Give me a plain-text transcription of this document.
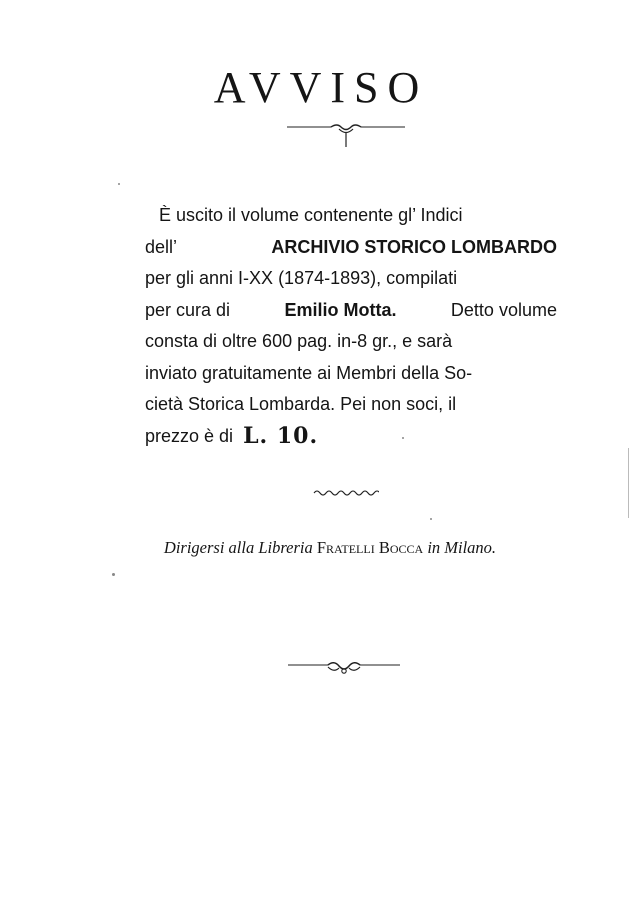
AVVISO
È uscito il volume contenente gl’ Indici
dell’	ARCHIVIO STORICO LOMBARDO
per gli anni I-XX (1874-1893), compilati
per cura di	Emilio Motta.	Detto volume
consta di oltre 600 pag. in-8 gr., e sarà
inviato gratuitamente ai Membri della So-
cietà Storica Lombarda. Pei non soci, il
prezzo è di L. 10.
Dirigersi alla Libreria Fratelli Bocca in Milano.
